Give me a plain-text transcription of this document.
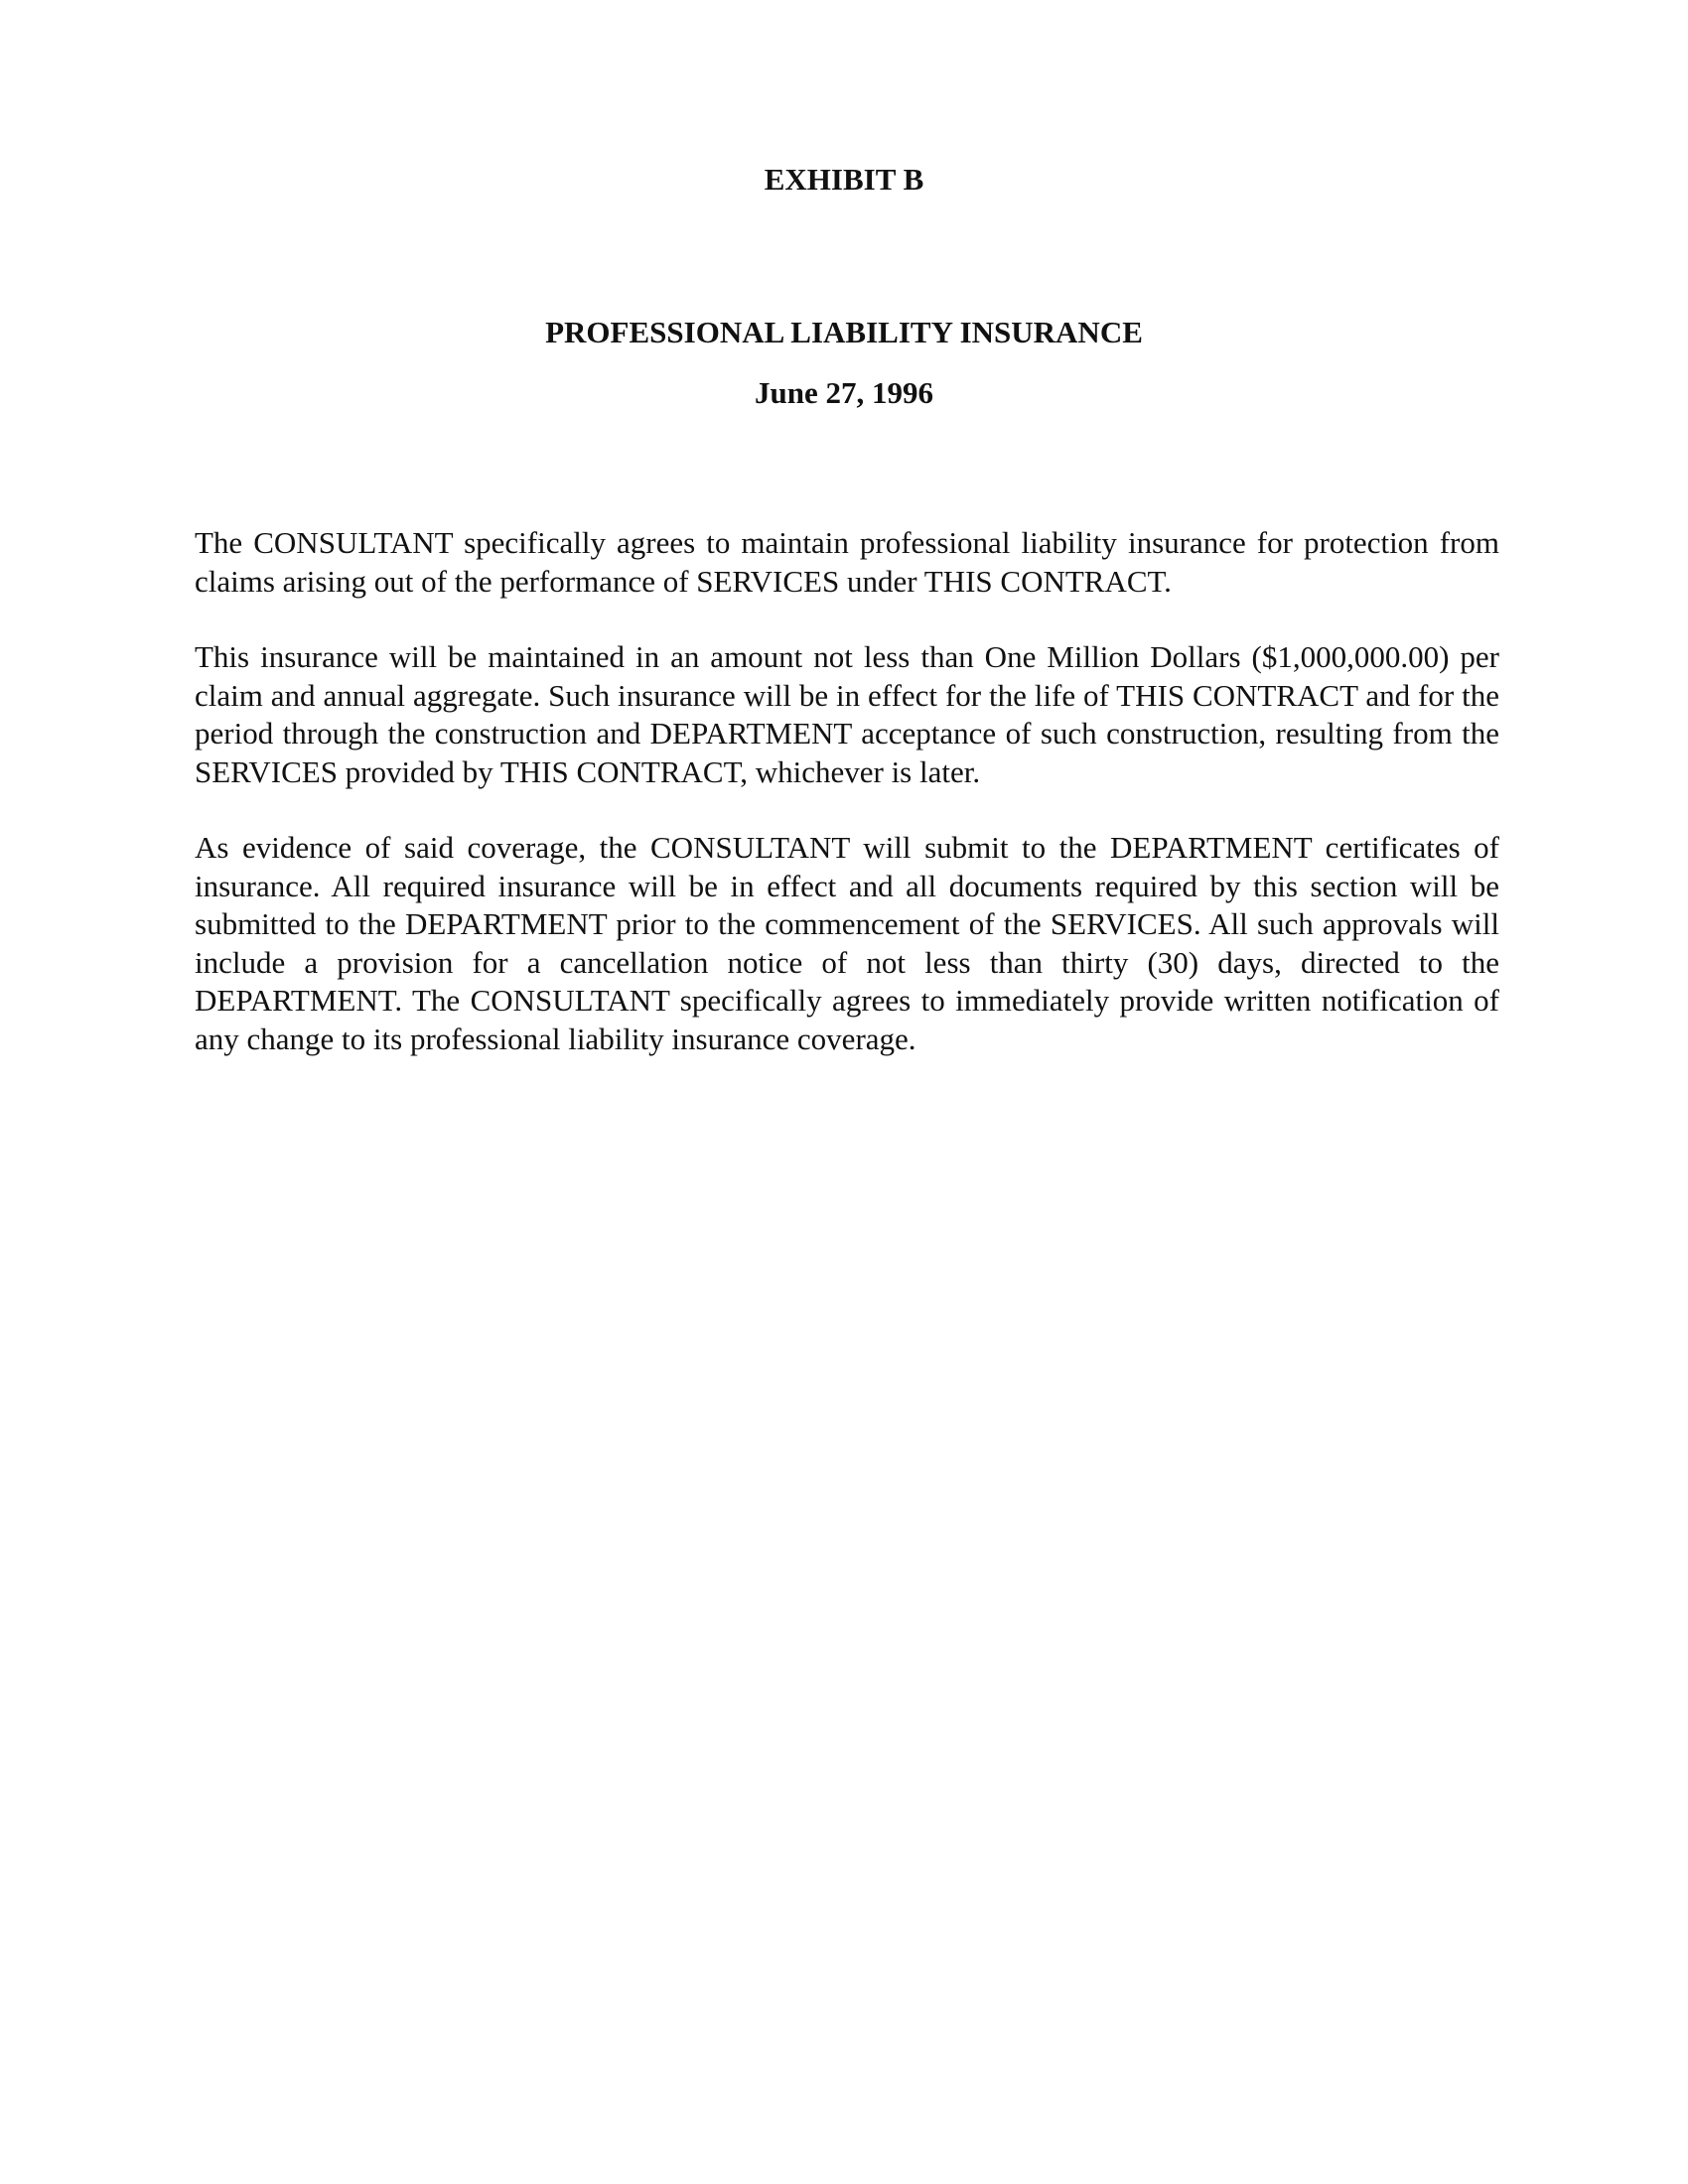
EXHIBIT B
PROFESSIONAL LIABILITY INSURANCE
June 27, 1996

The CONSULTANT specifically agrees to maintain professional liability insurance for protection from claims arising out of the performance of SERVICES under THIS CONTRACT.

This insurance will be maintained in an amount not less than One Million Dollars ($1,000,000.00) per claim and annual aggregate. Such insurance will be in effect for the life of THIS CONTRACT and for the period through the construction and DEPARTMENT acceptance of such construction, resulting from the SERVICES provided by THIS CONTRACT, whichever is later.

As evidence of said coverage, the CONSULTANT will submit to the DEPARTMENT certificates of insurance. All required insurance will be in effect and all documents required by this section will be submitted to the DEPARTMENT prior to the commencement of the SERVICES. All such approvals will include a provision for a cancellation notice of not less than thirty (30) days, directed to the DEPARTMENT. The CONSULTANT specifically agrees to immediately provide written notification of any change to its professional liability insurance coverage.
